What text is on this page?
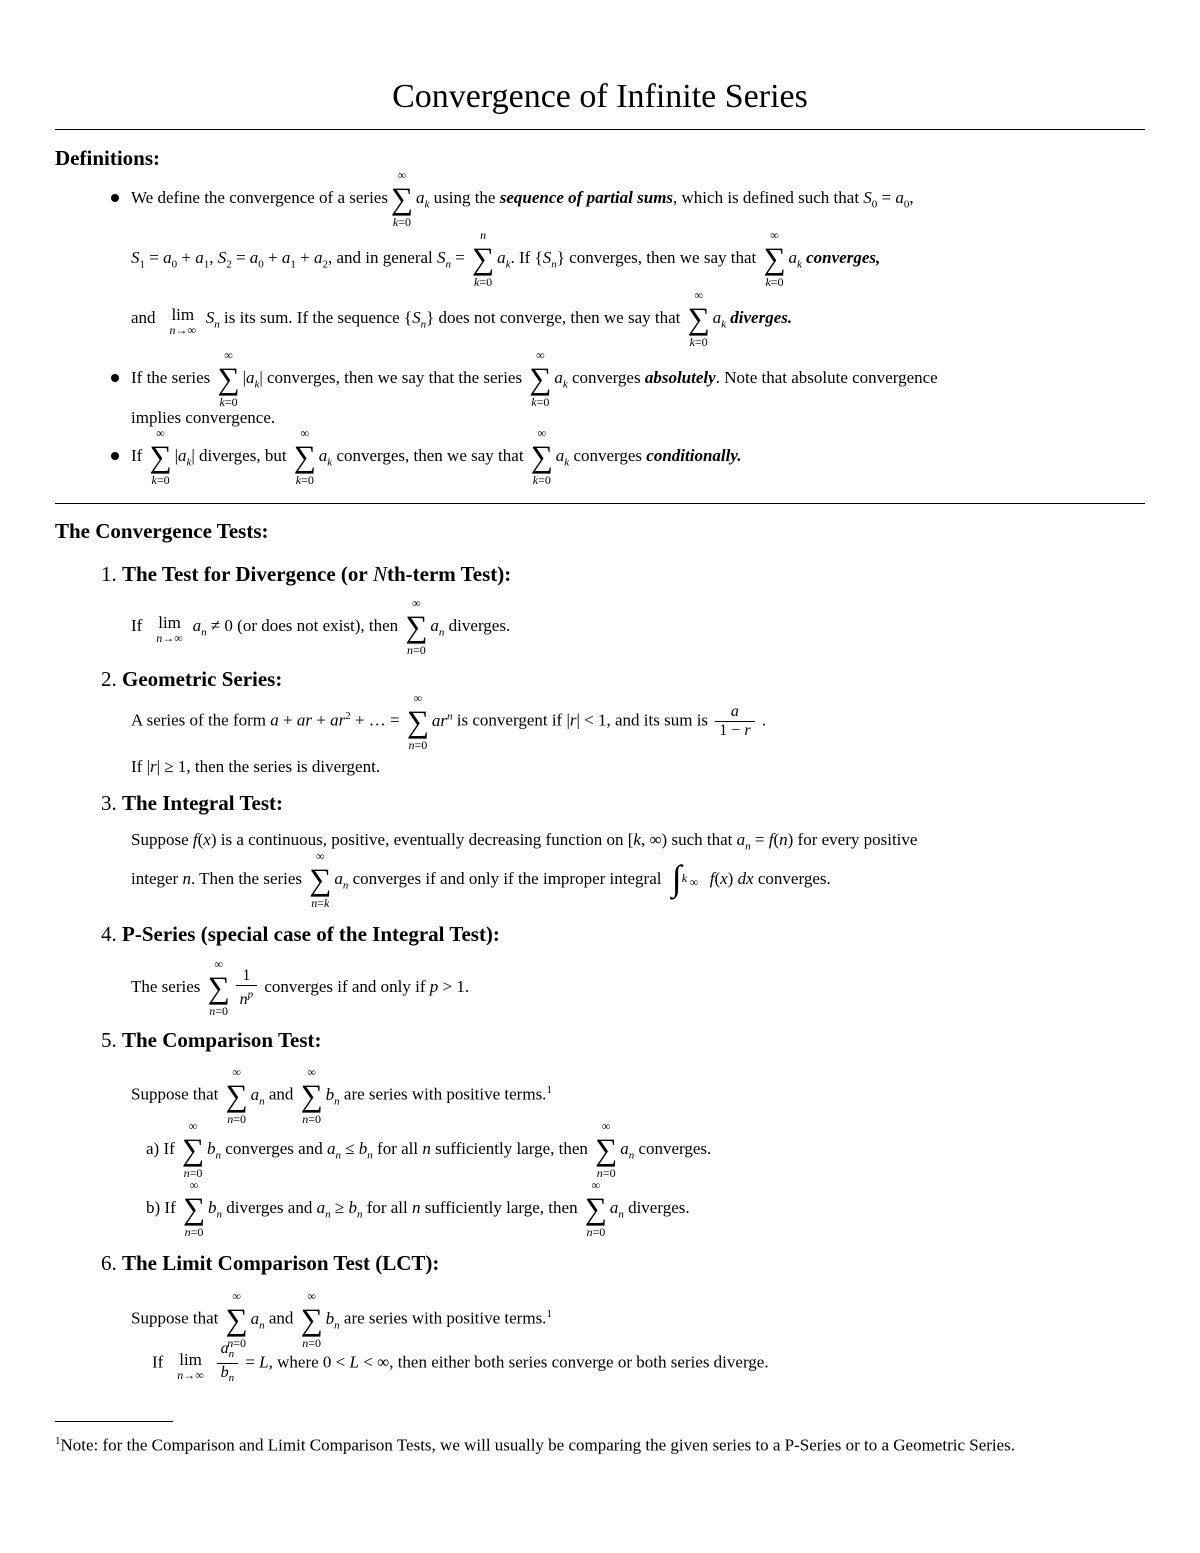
Convergence of Infinite Series
Definitions:
We define the convergence of a series
∞
∑
k=0
$a_k$ using the sequence of partial sums, which is defined such that $S_0 = a_0$,
$S_1 = a_0 + a_1$, $S_2 = a_0 + a_1 + a_2$, and in general $S_n$ =
n
∑
k=0
$a_k$. If $\{S_n\}$ converges, then we say that
∞
∑
k=0
$a_k$ converges,
and lim
n→∞
$S_n$ is its sum. If the sequence $\{S_n\}$ does not converge, then we say that
∞
∑
k=0
$a_k$ diverges.
If the series
∞
∑
k=0
$|a_k|$ converges, then we say that the series
∞
∑
k=0
$a_k$ converges absolutely. Note that absolute convergence
implies convergence.
If
∞
∑
k=0
$|a_k|$ diverges, but
∞
∑
k=0
$a_k$ converges, then we say that
∞
∑
k=0
$a_k$ converges conditionally.
The Convergence Tests:
1. The Test for Divergence (or Nth-term Test):
If lim
n→∞
$a_n \ne 0$ (or does not exist), then
∞
∑
n=0
$a_n$ diverges.
2. Geometric Series:
A series of the form a + ar + $ar^2$ + … =
∞
∑
n=0
$ar^n$ is convergent if |r| < 1, and its sum is $\frac{a}{1 - r}$ .
If |r| ≥ 1, then the series is divergent.
3. The Integral Test:
Suppose f(x) is a continuous, positive, eventually decreasing function on [k, ∞) such that $a_n = f(n)$ for every positive
integer n. Then the series
∞
∑
n=k
$a_n$ converges if and only if the improper integral ∞
∫ k f(x) dx converges.
4. P-Series (special case of the Integral Test):
The series
∞
∑
n=0
$\frac{1}{n^p}$ converges if and only if p > 1.
5. The Comparison Test:
Suppose that
∞
∑
n=0
$a_n$ and
∞
∑
n=0
$b_n$ are series with positive terms.$^1$
a) If
∞
∑
n=0
$b_n$ converges and $a_n \le b_n$ for all n sufficiently large, then
∞
∑
n=0
$a_n$ converges.
b) If
∞
∑
n=0
$b_n$ diverges and $a_n \ge b_n$ for all n sufficiently large, then
∞
∑
n=0
$a_n$ diverges.
6. The Limit Comparison Test (LCT):
Suppose that
∞
∑
n=0
$a_n$ and
∞
∑
n=0
$b_n$ are series with positive terms.$^1$
If lim
$n\to\infty \frac{a_n}{b_n} = L$, where 0 < L < ∞, then either both series converge or both series diverge.
$^1$Note: for the Comparison and Limit Comparison Tests, we will usually be comparing the given series to a P-Series or to a Geometric Series.
